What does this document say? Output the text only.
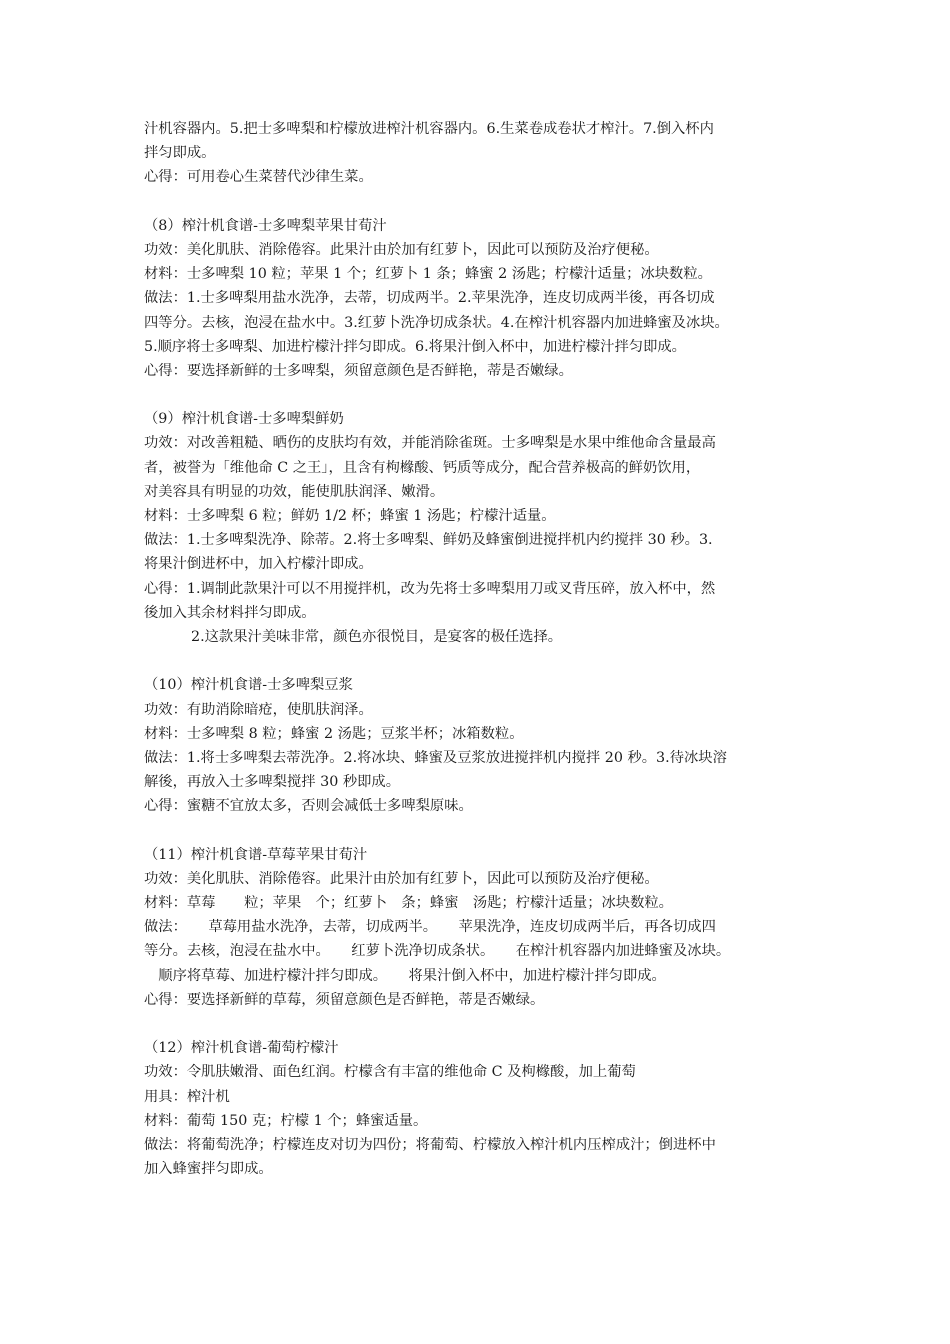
汁机容器内。5.把士多啤梨和柠檬放进榨汁机容器内。6.生菜卷成卷状才榨汁。7.倒入杯内
拌匀即成。
心得：可用卷心生菜替代沙律生菜。
（8）榨汁机食谱-士多啤梨苹果甘荀汁
功效：美化肌肤、消除倦容。此果汁由於加有红萝卜，因此可以预防及治疗便秘。
材料：士多啤梨 10 粒；苹果 1 个；红萝卜 1 条；蜂蜜 2 汤匙；柠檬汁适量；冰块数粒。
做法：1.士多啤梨用盐水洗净，去蒂，切成两半。2.苹果洗净，连皮切成两半後，再各切成
四等分。去核，泡浸在盐水中。3.红萝卜洗净切成条状。4.在榨汁机容器内加进蜂蜜及冰块。
5.顺序将士多啤梨、加进柠檬汁拌匀即成。6.将果汁倒入杯中，加进柠檬汁拌匀即成。
心得：要选择新鲜的士多啤梨，须留意颜色是否鲜艳，蒂是否嫩绿。
（9）榨汁机食谱-士多啤梨鲜奶
功效：对改善粗糙、晒伤的皮肤均有效，并能消除雀斑。士多啤梨是水果中维他命含量最高
者，被誉为「维他命 C 之王」，且含有枸橼酸、钙质等成分，配合营养极高的鲜奶饮用，
对美容具有明显的功效，能使肌肤润泽、嫩滑。
材料：士多啤梨 6 粒；鲜奶 1/2 杯；蜂蜜 1 汤匙；柠檬汁适量。
做法：1.士多啤梨洗净、除蒂。2.将士多啤梨、鲜奶及蜂蜜倒进搅拌机内约搅拌 30 秒。3.
将果汁倒进杯中，加入柠檬汁即成。
心得：1.调制此款果汁可以不用搅拌机，改为先将士多啤梨用刀或叉背压碎，放入杯中，然
後加入其余材料拌匀即成。
2.这款果汁美味非常，颜色亦很悦目，是宴客的极任选择。
（10）榨汁机食谱-士多啤梨豆浆
功效：有助消除暗疮，使肌肤润泽。
材料：士多啤梨 8 粒；蜂蜜 2 汤匙；豆浆半杯；冰箱数粒。
做法：1.将士多啤梨去蒂洗净。2.将冰块、蜂蜜及豆浆放进搅拌机内搅拌 20 秒。3.待冰块溶
解後，再放入士多啤梨搅拌 30 秒即成。
心得：蜜糖不宜放太多，否则会减低士多啤梨原味。
（11）榨汁机食谱-草莓苹果甘荀汁
功效：美化肌肤、消除倦容。此果汁由於加有红萝卜，因此可以预防及治疗便秘。
材料：草莓　　粒；苹果　个；红萝卜　条；蜂蜜　汤匙；柠檬汁适量；冰块数粒。
做法：　　草莓用盐水洗净，去蒂，切成两半。　　苹果洗净，连皮切成两半后，再各切成四
等分。去核，泡浸在盐水中。　　红萝卜洗净切成条状。　　在榨汁机容器内加进蜂蜜及冰块。
　顺序将草莓、加进柠檬汁拌匀即成。　　将果汁倒入杯中，加进柠檬汁拌匀即成。
心得：要选择新鲜的草莓，须留意颜色是否鲜艳，蒂是否嫩绿。
（12）榨汁机食谱-葡萄柠檬汁
功效：令肌肤嫩滑、面色红润。柠檬含有丰富的维他命 C 及枸橼酸，加上葡萄
用具：榨汁机
材料：葡萄 150 克；柠檬 1 个；蜂蜜适量。
做法：将葡萄洗净；柠檬连皮对切为四份；将葡萄、柠檬放入榨汁机内压榨成汁；倒进杯中
加入蜂蜜拌匀即成。
